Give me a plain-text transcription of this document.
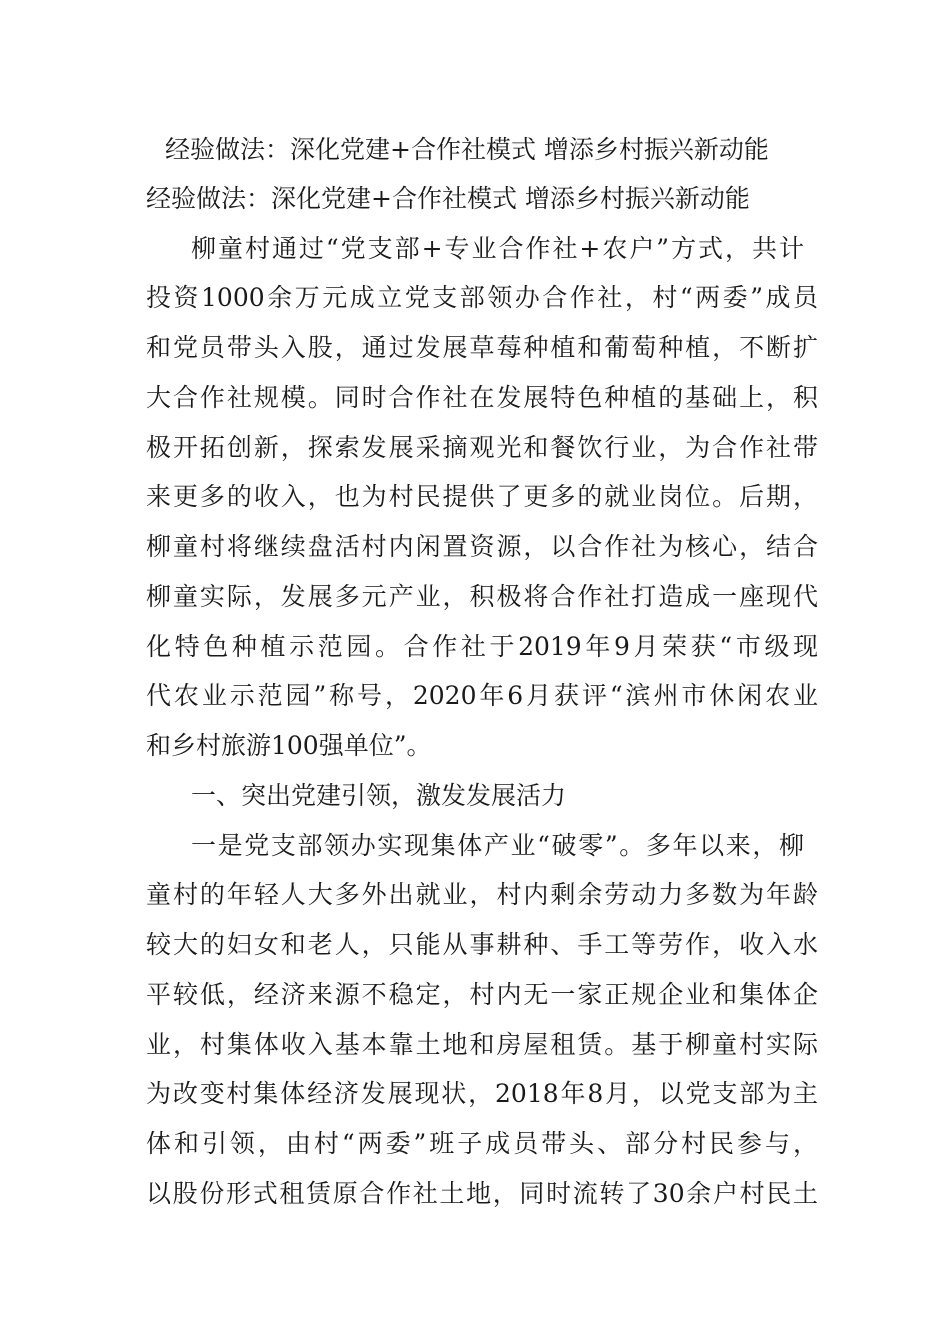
经验做法：深化党建+合作社模式 增添乡村振兴新动能
经验做法：深化党建+合作社模式 增添乡村振兴新动能
柳童村通过“党支部+专业合作社+农户”方式，共计
投资1000余万元成立党支部领办合作社，村“两委”成员
和党员带头入股，通过发展草莓种植和葡萄种植，不断扩
大合作社规模。同时合作社在发展特色种植的基础上，积
极开拓创新，探索发展采摘观光和餐饮行业，为合作社带
来更多的收入，也为村民提供了更多的就业岗位。后期，
柳童村将继续盘活村内闲置资源，以合作社为核心，结合
柳童实际，发展多元产业，积极将合作社打造成一座现代
化特色种植示范园。合作社于2019年9月荣获“市级现
代农业示范园”称号，2020年6月获评“滨州市休闲农业
和乡村旅游100强单位”。
一、突出党建引领，激发发展活力
一是党支部领办实现集体产业“破零”。多年以来，柳
童村的年轻人大多外出就业，村内剩余劳动力多数为年龄
较大的妇女和老人，只能从事耕种、手工等劳作，收入水
平较低，经济来源不稳定，村内无一家正规企业和集体企
业，村集体收入基本靠土地和房屋租赁。基于柳童村实际
为改变村集体经济发展现状，2018年8月，以党支部为主
体和引领，由村“两委”班子成员带头、部分村民参与，
以股份形式租赁原合作社土地，同时流转了30余户村民土
